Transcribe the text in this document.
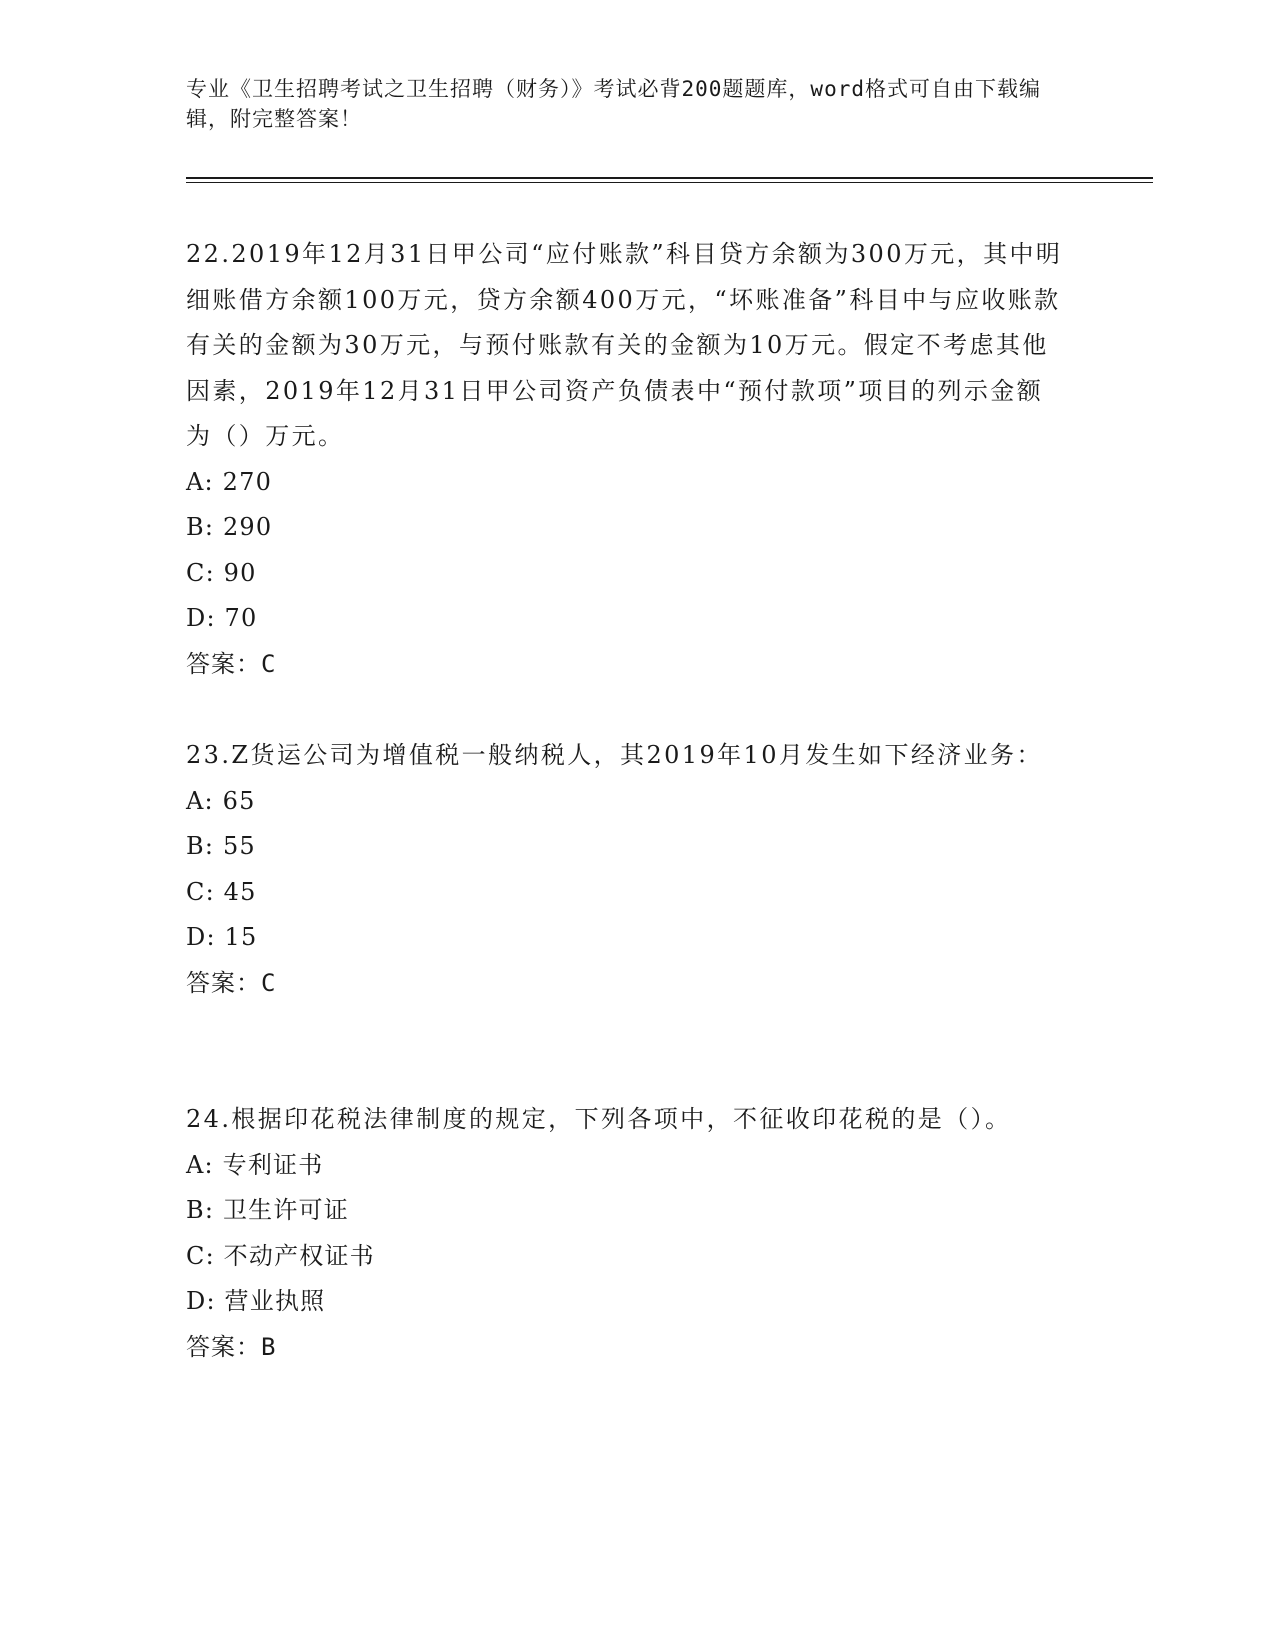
专业《卫生招聘考试之卫生招聘（财务）》考试必背200题题库，word格式可自由下载编辑，附完整答案！

22.2019年12月31日甲公司“应付账款”科目贷方余额为300万元，其中明细账借方余额100万元，贷方余额400万元，“坏账准备”科目中与应收账款有关的金额为30万元，与预付账款有关的金额为10万元。假定不考虑其他因素，2019年12月31日甲公司资产负债表中“预付款项”项目的列示金额为（）万元。

A: 270

B: 290

C: 90

D: 70

答案：C

23.Z货运公司为增值税一般纳税人，其2019年10月发生如下经济业务：

A: 65

B: 55

C: 45

D: 15

答案：C

24.根据印花税法律制度的规定，下列各项中，不征收印花税的是（）。

A: 专利证书

B: 卫生许可证

C: 不动产权证书

D: 营业执照

答案：B
